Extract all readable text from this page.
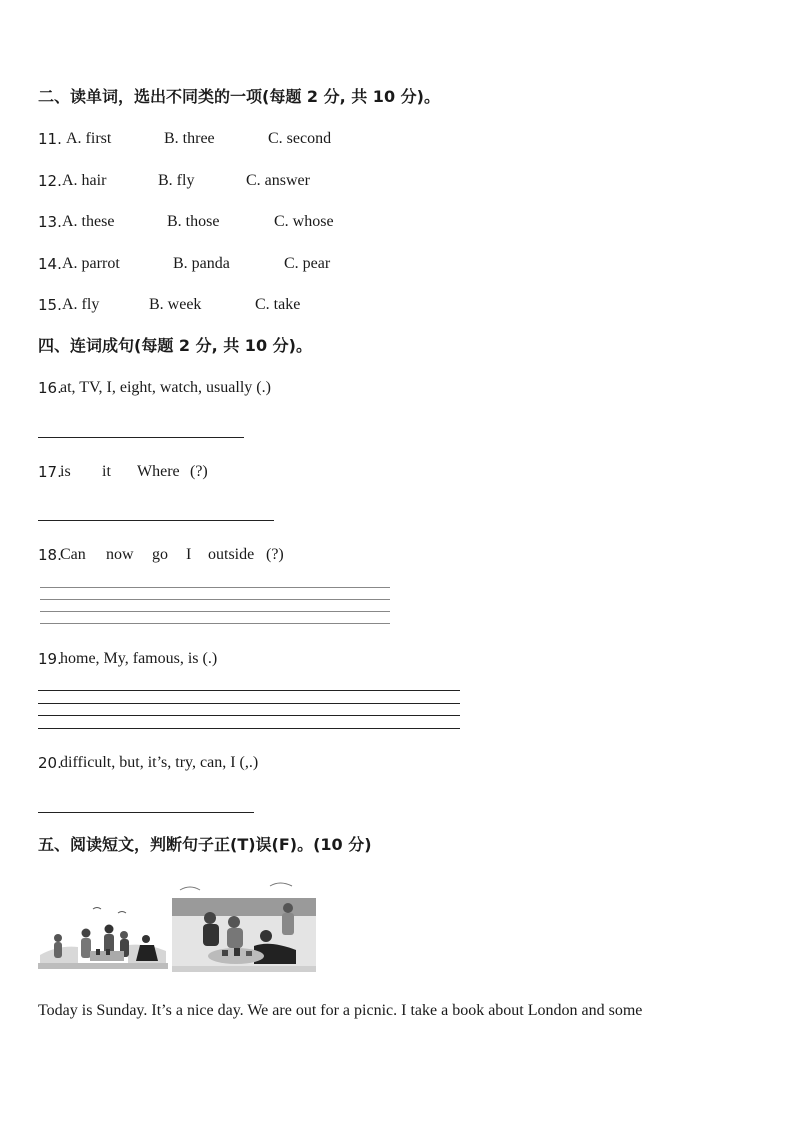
二、读单词，选出不同类的一项(每题 2 分, 共 10 分)。
11. A. first	B. three	C. second
12. A. hair	B. fly	C. answer
13. A. these	B. those	C. whose
14. A. parrot	B. panda	C. pear
15. A. fly	B. week	C. take
四、连词成句(每题 2 分, 共 10 分)。
16.
at, TV, I, eight, watch, usually (.)
17.
is it Where (?)
18.
Can now go I outside (?)
19.
home, My, famous, is (.)
20.
difficult, but, it’s, try, can, I (,.)
五、阅读短文，判断句子正(T)误(F)。(10 分)
Today is Sunday. It’s a nice day. We are out for a picnic. I take a book about London and some
